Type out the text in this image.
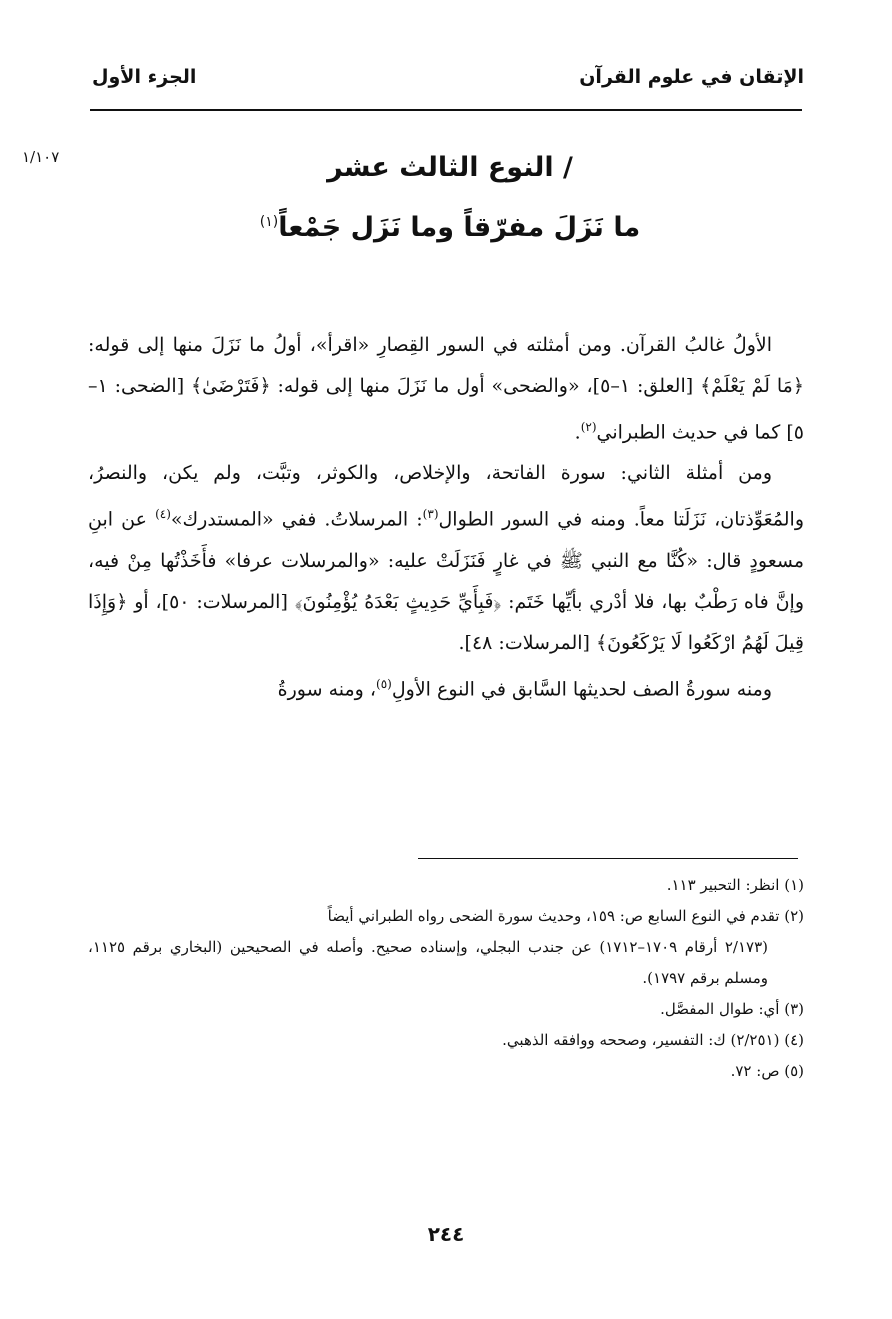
الإتقان في علوم القرآن
الجزء الأول
١/١٠٧	/ النوع الثالث عشر
ما نَزَلَ مفرّقاً وما نَزَل جَمْعاً$^{(١)}$

الأولُ غالبُ القرآن. ومن أمثلته في السور القِصارِ «اقرأ»، أولُ ما نَزَلَ منها إلى قوله: ﴿مَا لَمْ يَعْلَمْ﴾ [العلق: ١–٥]، «والضحى» أول ما نَزَلَ منها إلى قوله: ﴿فَتَرْضَىٰ﴾ [الضحى: ١–٥] كما في حديث الطبراني$^{(٢)}$.

ومن أمثلة الثاني: سورة الفاتحة، والإخلاص، والكوثر، وتبَّت، ولم يكن، والنصرُ، والمُعَوِّذتان، نَزَلَتا معاً. ومنه في السور الطوال$^{(٣)}$: المرسلاتُ. ففي «المستدرك»$^{(٤)}$ عن ابنِ مسعودٍ قال: «كُنَّا مع النبي ﷺ في غارٍ فَنَزَلَتْ عليه: «والمرسلات عرفا» فأَخَذْتُها مِنْ فيه، وإنَّ فاه رَطْبٌ بها، فلا أدْري بأيِّها خَتَم: ﴿فَبِأَيِّ حَدِيثٍ بَعْدَهُ يُؤْمِنُونَ﴾ [المرسلات: ٥٠]، أو ﴿وَإِذَا قِيلَ لَهُمُ ارْكَعُوا لَا يَرْكَعُونَ﴾ [المرسلات: ٤٨].

ومنه سورةُ الصف لحديثها السَّابق في النوع الأولِ$^{(٥)}$، ومنه سورةُ

(١) انظر: التحبير ١١٣.

(٢) تقدم في النوع السابع ص: ١٥٩، وحديث سورة الضحى رواه الطبراني أيضاً

(٢/١٧٣ أرقام ١٧٠٩–١٧١٢) عن جندب البجلي، وإسناده صحيح. وأصله في الصحيحين (البخاري برقم ١١٢٥، ومسلم برقم ١٧٩٧).

(٣) أي: طوال المفصَّل.

(٤) (٢/٢٥١) ك: التفسير، وصححه ووافقه الذهبي.

(٥) ص: ٧٢.

٢٤٤
